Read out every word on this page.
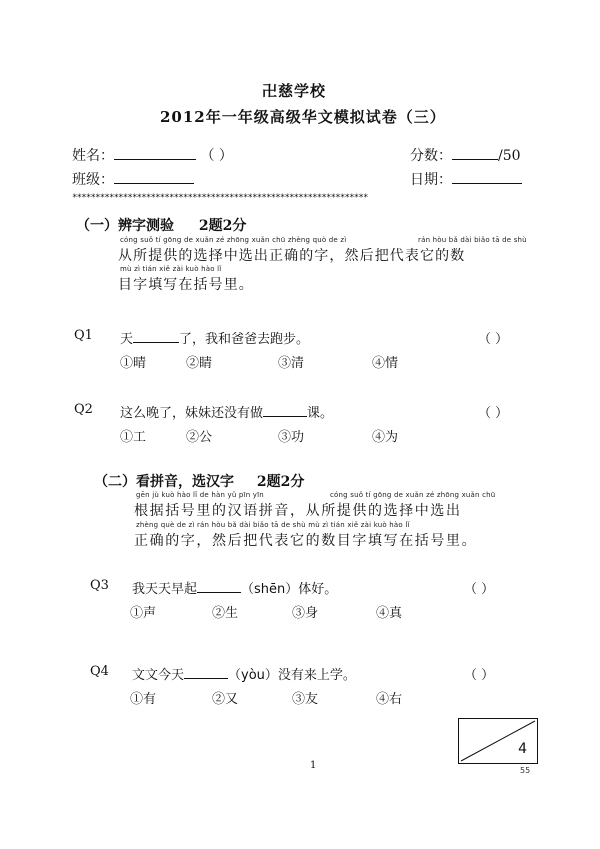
卍慈学校
2012年一年级高级华文模拟试卷（三）
姓名：	（ ）	分数：	/50
班级：	日期：
****************************************************************
（一）辨字测验 2题2分
cóng suǒ tí gōng de xuǎn zé zhōng xuǎn chū zhèng quò de zì	rán hòu bǎ dài biǎo tā de shù
从所提供的选择中选出正确的字，然后把代表它的数
mù zì tián xiě zài kuò hào lǐ
目字填写在括号里。
Q1 天	了，我和爸爸去跑步。	（ ）
①晴	②睛	③清	④情
Q2 这么晚了，妹妹还没有做	课。	（ ）
①工	②公	③功	④为
（二）看拼音，选汉字 2题2分
gēn jù kuò hào lǐ de hàn yǔ pīn yīn	cóng suǒ tí gōng de xuǎn zé zhōng xuǎn chū
根据括号里的汉语拼音，从所提供的选择中选出
zhèng què de zì rán hòu bǎ dài biǎo tā de shù mù zì tián xiě zài kuò hào lǐ
正确的字，然后把代表它的数目字填写在括号里。
Q3 我天天早起	（shēn）体好。	（ ）
①声	②生	③身	④真
Q4 文文今天	（yòu）没有来上学。	（ ）
①有	②又	③友	④右
4
55
1
